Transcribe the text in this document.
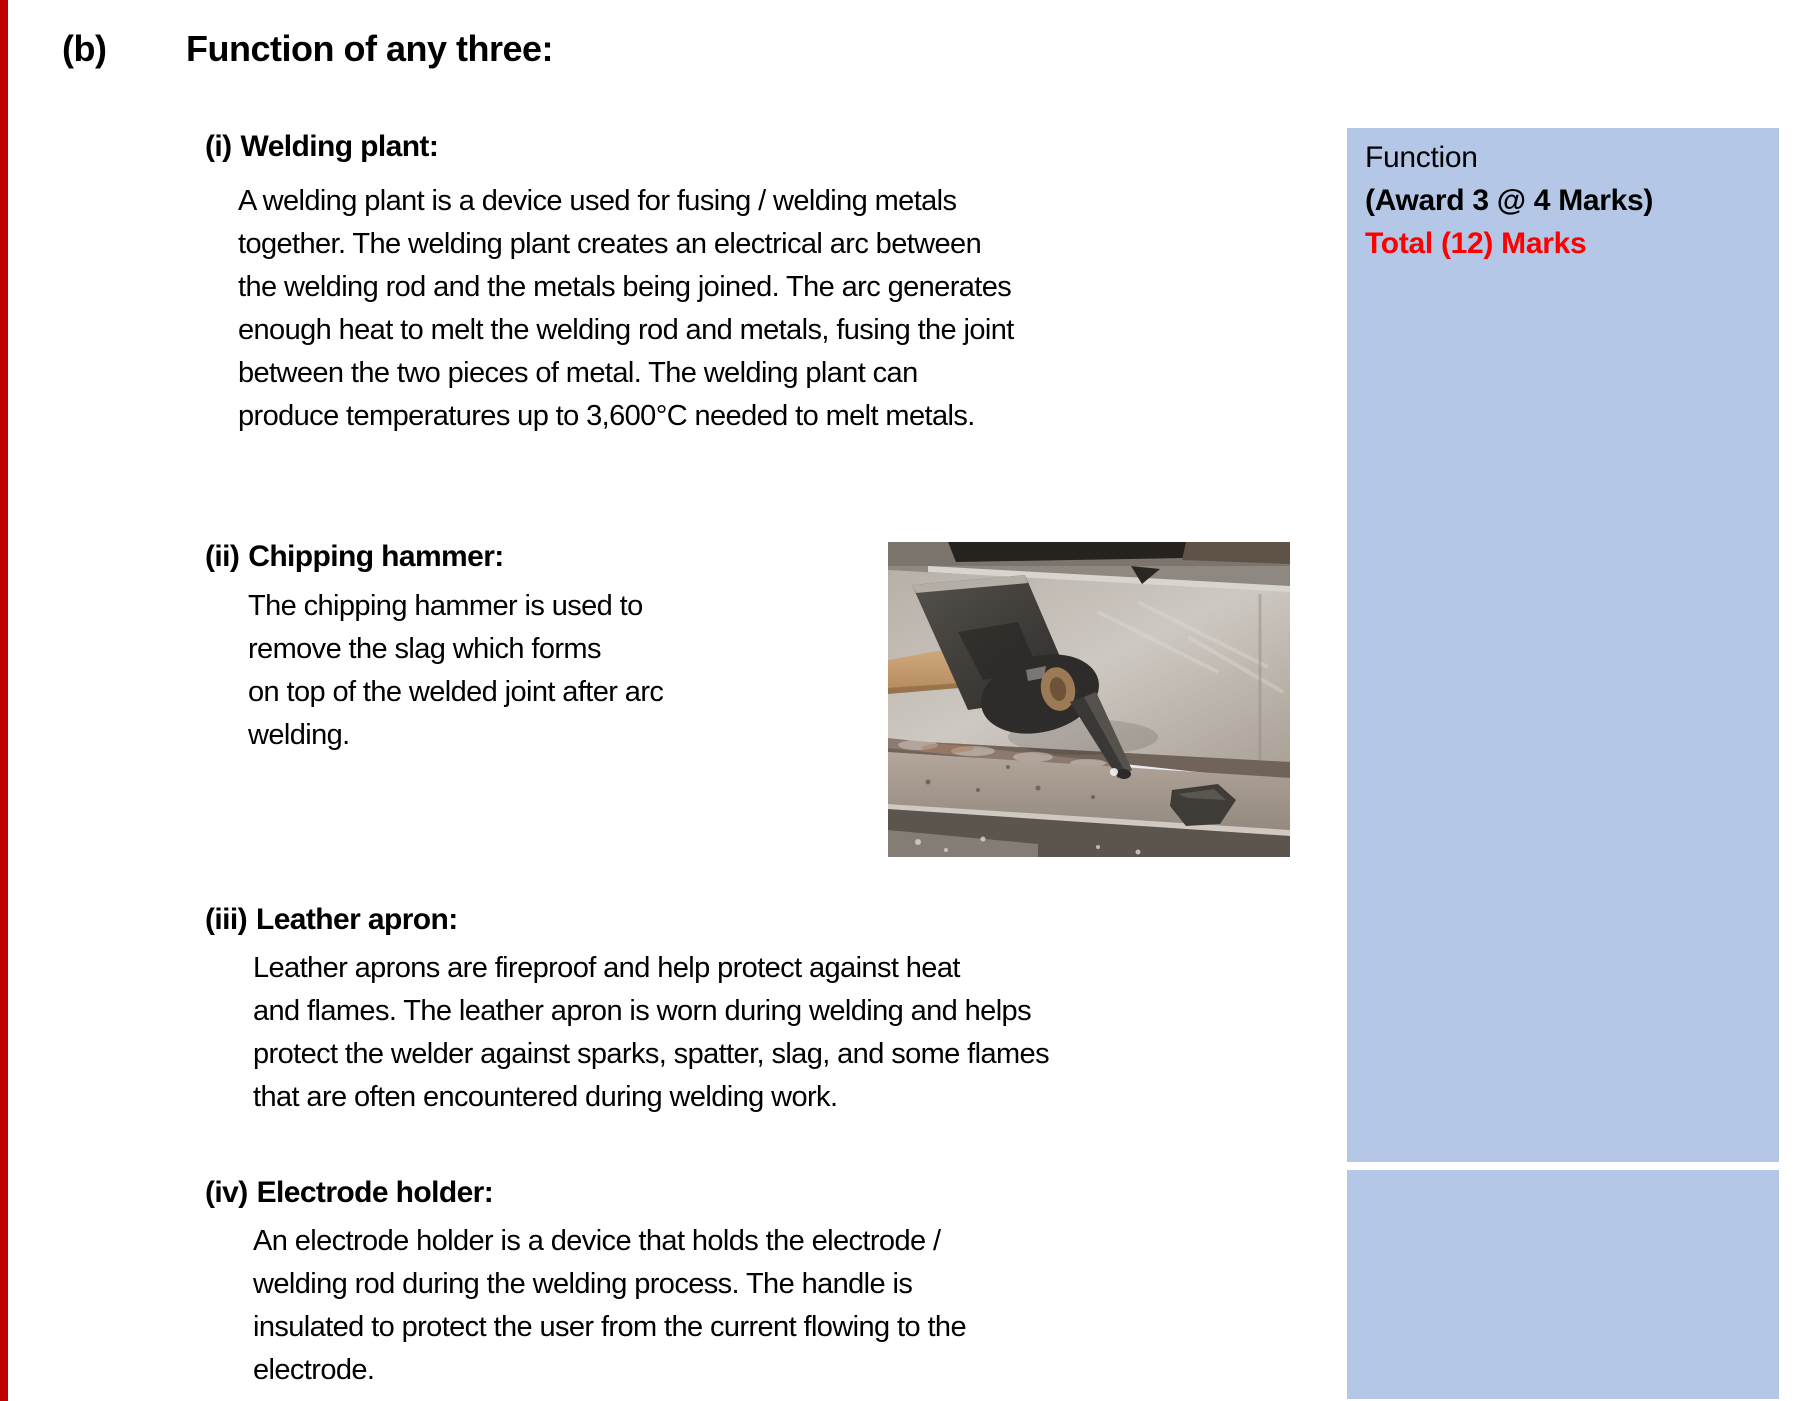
(b) Function of any three:
(i) Welding plant:
A welding plant is a device used for fusing / welding metals
together. The welding plant creates an electrical arc between
the welding rod and the metals being joined. The arc generates
enough heat to melt the welding rod and metals, fusing the joint
between the two pieces of metal. The welding plant can
produce temperatures up to 3,600°C needed to melt metals.
(ii) Chipping hammer:
The chipping hammer is used to
remove the slag which forms
on top of the welded joint after arc
welding.
(iii) Leather apron:
Leather aprons are fireproof and help protect against heat
and flames. The leather apron is worn during welding and helps
protect the welder against sparks, spatter, slag, and some flames
that are often encountered during welding work.
(iv) Electrode holder:
An electrode holder is a device that holds the electrode /
welding rod during the welding process. The handle is
insulated to protect the user from the current flowing to the
electrode.
Function
(Award 3 @ 4 Marks)
Total (12) Marks
